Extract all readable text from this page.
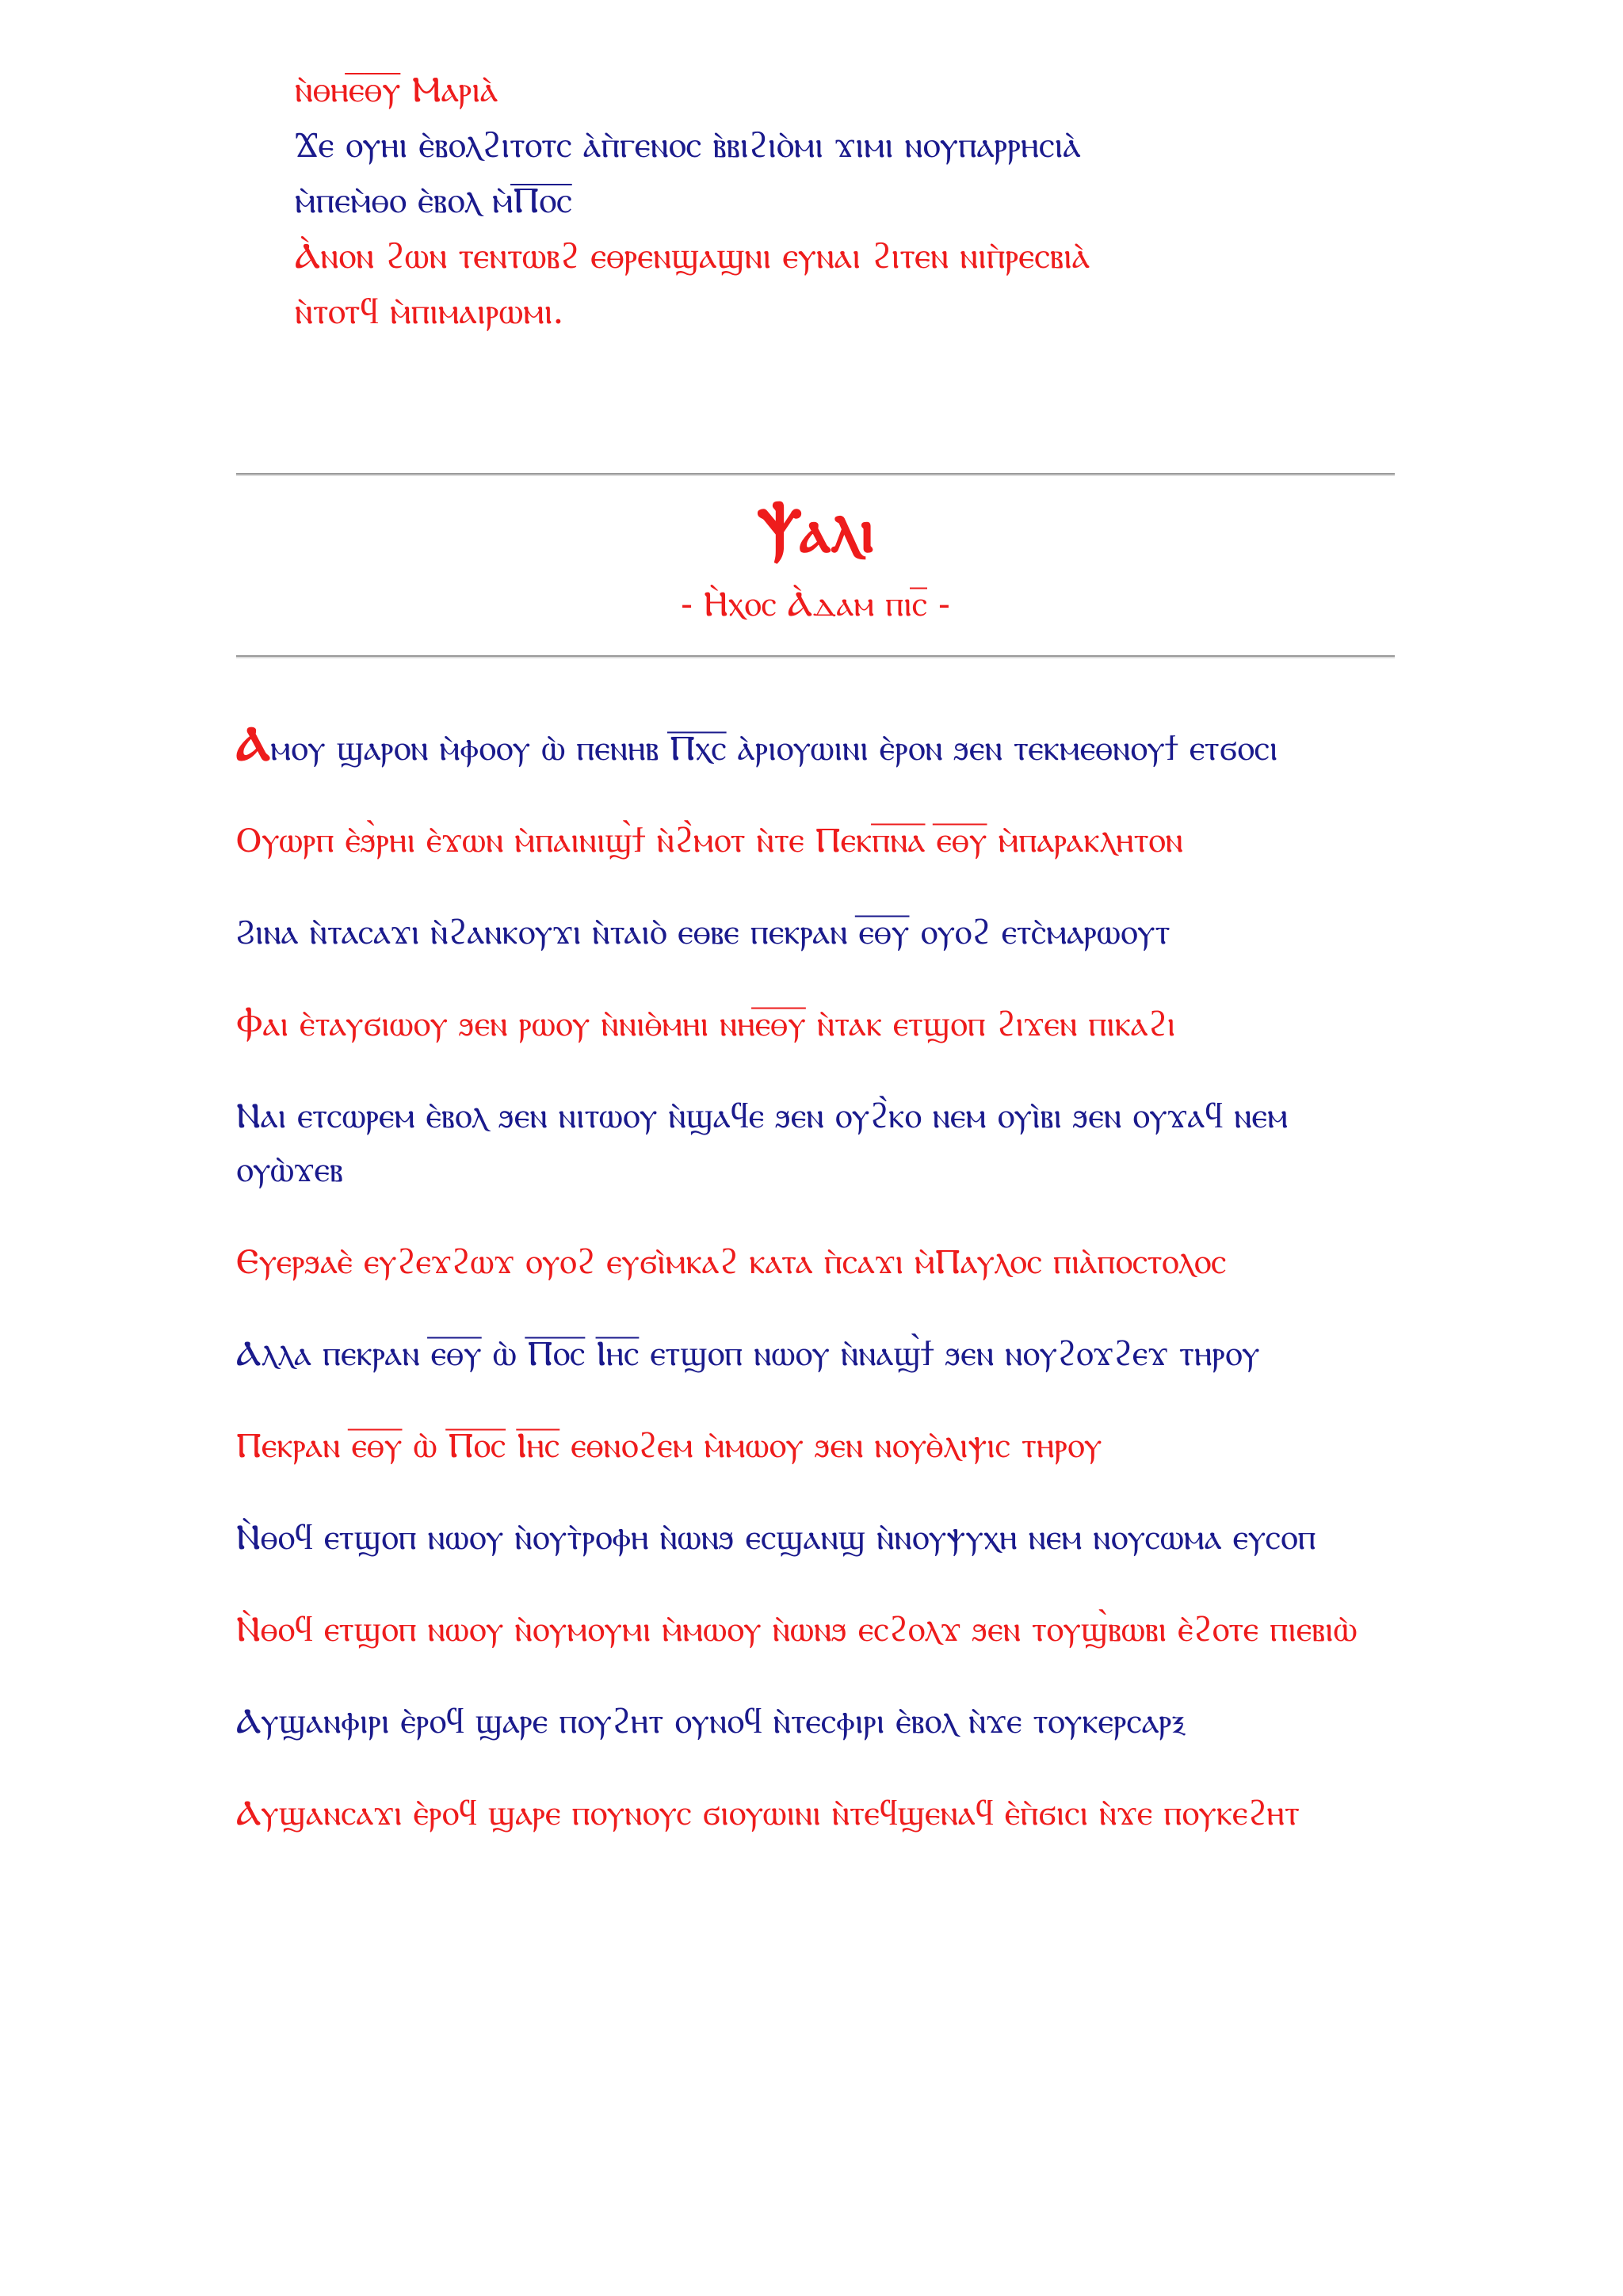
ⲛ̀ⲑⲏⲉ̅ⲑ̅ⲩ̅ Ⲙⲁⲣⲓⲁ̀
Ϫⲉ ⲟⲩⲏⲓ ⲉ̀ⲃⲟⲗϩⲓⲧⲟⲧⲥ ⲁ̀ⲡ̀ⲅⲉⲛⲟⲥ ⲃ̀ⲃⲓϩⲓⲟ̀ⲙⲓ ϫⲓⲙⲓ ⲛⲟⲩⲡⲁⲣⲣⲏⲥⲓⲁ̀
ⲙ̀ⲡⲉⲙ̀ⲑⲟ ⲉ̀ⲃⲟⲗ ⲙ̀Ⲡ̅ⲟ̅ⲥ̅
Ⲁ̀ⲛⲟⲛ ϩⲱⲛ ⲧⲉⲛⲧⲱⲃϩ ⲉⲑⲣⲉⲛϣⲁϣⲛⲓ ⲉⲩⲛⲁⲓ ϩⲓⲧⲉⲛ ⲛⲓⲡ̀ⲣⲉⲥⲃⲓⲁ̀
ⲛ̀ⲧⲟⲧϥ ⲙ̀ⲡⲓⲙⲁⲓⲣⲱⲙⲓ.
Ⲯⲁⲗⲓ
- Ⲏ̀ⲭⲟⲥ Ⲁ̀ⲇⲁⲙ ⲡⲓⲥ̅ -

Ⲁⲙⲟⲩ ϣⲁⲣⲟⲛ ⲙ̀ⲫⲟⲟⲩ ⲱ̀ ⲡⲉⲛⲏⲃ Ⲡ̅ⲭ̅ⲥ̅ ⲁ̀ⲣⲓⲟⲩⲱⲓⲛⲓ ⲉ̀ⲣⲟⲛ ϧⲉⲛ ⲧⲉⲕⲙⲉⲑⲛⲟⲩϯ ⲉⲧϭⲟⲥⲓ

Ⲟⲩⲱⲣⲡ ⲉ̀ϧ̀ⲣⲏⲓ ⲉ̀ϫⲱⲛ ⲙ̀ⲡⲁⲓⲛⲓϣ̀ϯ ⲛ̀ϩ̀ⲙⲟⲧ ⲛ̀ⲧⲉ Ⲡⲉⲕⲡ̅ⲛ̅ⲁ̅ ⲉ̅ⲑ̅ⲩ̅ ⲙ̀ⲡⲁⲣⲁⲕⲗⲏⲧⲟⲛ

Ϩⲓⲛⲁ ⲛ̀ⲧⲁⲥⲁϫⲓ ⲛ̀ϩⲁⲛⲕⲟⲩϫⲓ ⲛ̀ⲧⲁⲓⲟ̀ ⲉⲑⲃⲉ ⲡⲉⲕⲣⲁⲛ ⲉ̅ⲑ̅ⲩ̅ ⲟⲩⲟϩ ⲉⲧⲥ̀ⲙⲁⲣⲱⲟⲩⲧ

Ⲫⲁⲓ ⲉ̀ⲧⲁⲩϭⲓⲱⲟⲩ ϧⲉⲛ ⲣⲱⲟⲩ ⲛ̀ⲛⲓⲑ̀ⲙⲏⲓ ⲛⲏⲉ̅ⲑ̅ⲩ̅ ⲛ̀ⲧⲁⲕ ⲉⲧϣⲟⲡ ϩⲓϫⲉⲛ ⲡⲓⲕⲁϩⲓ

Ⲛⲁⲓ ⲉⲧⲥⲱⲣⲉⲙ ⲉ̀ⲃⲟⲗ ϧⲉⲛ ⲛⲓⲧⲱⲟⲩ ⲛ̀ϣⲁϥⲉ ϧⲉⲛ ⲟⲩϩ̀ⲕⲟ ⲛⲉⲙ ⲟⲩⲓ̀ⲃⲓ ϧⲉⲛ ⲟⲩϫⲁϥ ⲛⲉⲙ ⲟⲩⲱ̀ϫⲉⲃ

Ⲉⲩⲉⲣϧⲁⲉ̀ ⲉⲩϩⲉϫϩⲱϫ ⲟⲩⲟϩ ⲉⲩϭⲓ̀ⲙⲕⲁϩ ⲕⲁⲧⲁ ⲡ̀ⲥⲁϫⲓ ⲙ̀Ⲡⲁⲩⲗⲟⲥ ⲡⲓⲁ̀ⲡⲟⲥⲧⲟⲗⲟⲥ

Ⲁⲗⲗⲁ ⲡⲉⲕⲣⲁⲛ ⲉ̅ⲑ̅ⲩ̅ ⲱ̀ Ⲡ̅ⲟ̅ⲥ̅ Ⲓ̅ⲏ̅ⲥ̅ ⲉⲧϣⲟⲡ ⲛⲱⲟⲩ ⲛ̀ⲛⲁϣ̀ϯ ϧⲉⲛ ⲛⲟⲩϩⲟϫϩⲉϫ ⲧⲏⲣⲟⲩ

Ⲡⲉⲕⲣⲁⲛ ⲉ̅ⲑ̅ⲩ̅ ⲱ̀ Ⲡ̅ⲟ̅ⲥ̅ Ⲓ̅ⲏ̅ⲥ̅ ⲉⲑⲛⲟϩⲉⲙ ⲙ̀ⲙⲱⲟⲩ ϧⲉⲛ ⲛⲟⲩⲑ̀ⲗⲓⲯⲓⲥ ⲧⲏⲣⲟⲩ

Ⲛ̀ⲑⲟϥ ⲉⲧϣⲟⲡ ⲛⲱⲟⲩ ⲛ̀ⲟⲩⲧ̀ⲣⲟⲫⲏ ⲛ̀ⲱⲛϧ ⲉⲥϣⲁⲛϣ ⲛ̀ⲛⲟⲩⲯⲩⲭⲏ ⲛⲉⲙ ⲛⲟⲩⲥⲱⲙⲁ ⲉⲩⲥⲟⲡ

Ⲛ̀ⲑⲟϥ ⲉⲧϣⲟⲡ ⲛⲱⲟⲩ ⲛ̀ⲟⲩⲙⲟⲩⲙⲓ ⲙ̀ⲙⲱⲟⲩ ⲛ̀ⲱⲛϧ ⲉⲥϩⲟⲗϫ ϧⲉⲛ ⲧⲟⲩϣ̀ⲃⲱⲃⲓ ⲉ̀ϩⲟⲧⲉ ⲡⲓⲉⲃⲓⲱ̀

Ⲁⲩϣⲁⲛⲫⲓⲣⲓ ⲉ̀ⲣⲟϥ ϣⲁⲣⲉ ⲡⲟⲩϩⲏⲧ ⲟⲩⲛⲟϥ ⲛ̀ⲧⲉⲥⲫⲓⲣⲓ ⲉ̀ⲃⲟⲗ ⲛ̀ϫⲉ ⲧⲟⲩⲕⲉⲣⲥⲁⲣⲝ

Ⲁⲩϣⲁⲛⲥⲁϫⲓ ⲉ̀ⲣⲟϥ ϣⲁⲣⲉ ⲡⲟⲩⲛⲟⲩⲥ ϭⲓⲟⲩⲱⲓⲛⲓ ⲛ̀ⲧⲉϥϣⲉⲛⲁϥ ⲉ̀ⲡ̀ϭⲓⲥⲓ ⲛ̀ϫⲉ ⲡⲟⲩⲕⲉϩⲏⲧ
